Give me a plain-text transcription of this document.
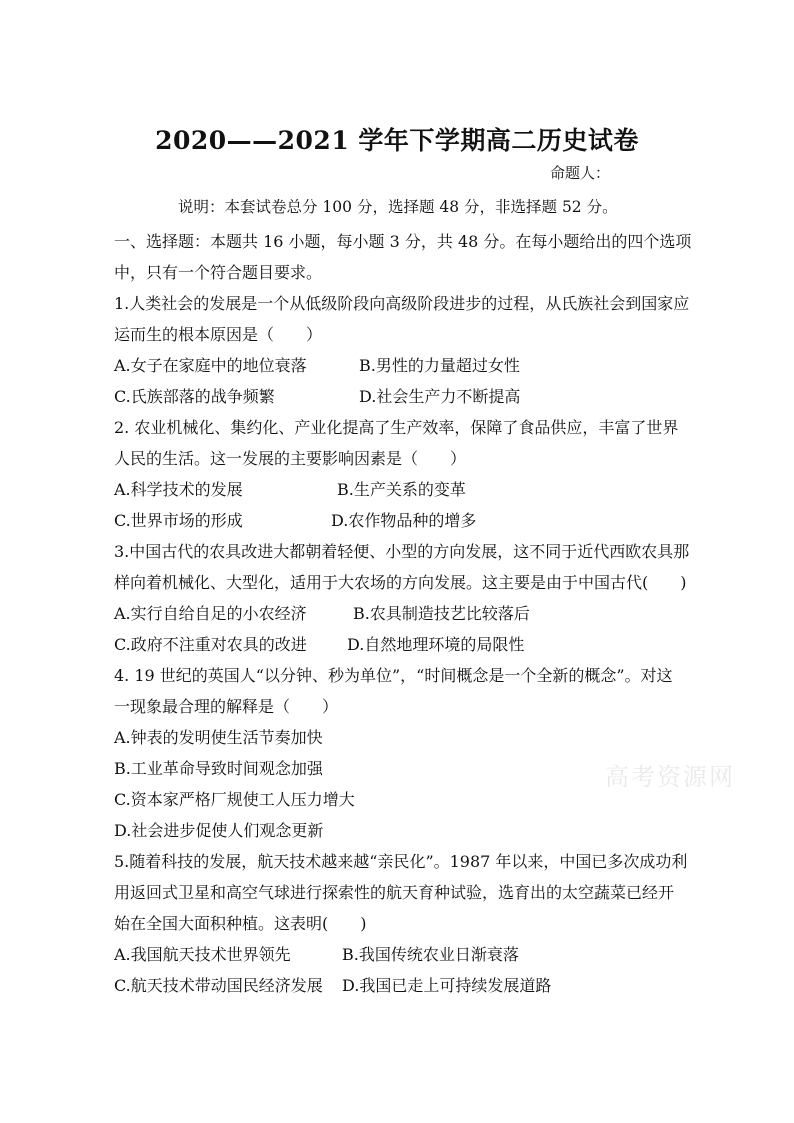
2020——2021 学年下学期高二历史试卷
命题人：
说明：本套试卷总分 100 分，选择题 48 分，非选择题 52 分。
一、选择题：本题共 16 小题，每小题 3 分，共 48 分。在每小题给出的四个选项
中，只有一个符合题目要求。
1.人类社会的发展是一个从低级阶段向高级阶段进步的过程，从氏族社会到国家应
运而生的根本原因是（　　）
A.女子在家庭中的地位衰落	B.男性的力量超过女性
C.氏族部落的战争频繁	D.社会生产力不断提高
2. 农业机械化、集约化、产业化提高了生产效率，保障了食品供应，丰富了世界
人民的生活。这一发展的主要影响因素是（　　）
A.科学技术的发展	B.生产关系的变革
C.世界市场的形成	D.农作物品种的增多
3.中国古代的农具改进大都朝着轻便、小型的方向发展，这不同于近代西欧农具那
样向着机械化、大型化，适用于大农场的方向发展。这主要是由于中国古代(　　)
A.实行自给自足的小农经济	B.农具制造技艺比较落后
C.政府不注重对农具的改进	D.自然地理环境的局限性
4. 19 世纪的英国人“以分钟、秒为单位”，“时间概念是一个全新的概念”。对这
一现象最合理的解释是（　　）
A.钟表的发明使生活节奏加快
B.工业革命导致时间观念加强
C.资本家严格厂规使工人压力增大
D.社会进步促使人们观念更新
5.随着科技的发展，航天技术越来越“亲民化”。1987 年以来，中国已多次成功利
用返回式卫星和高空气球进行探索性的航天育种试验，选育出的太空蔬菜已经开
始在全国大面积种植。这表明(　　)
A.我国航天技术世界领先	B.我国传统农业日渐衰落
C.航天技术带动国民经济发展 D.我国已走上可持续发展道路
高考资源网
